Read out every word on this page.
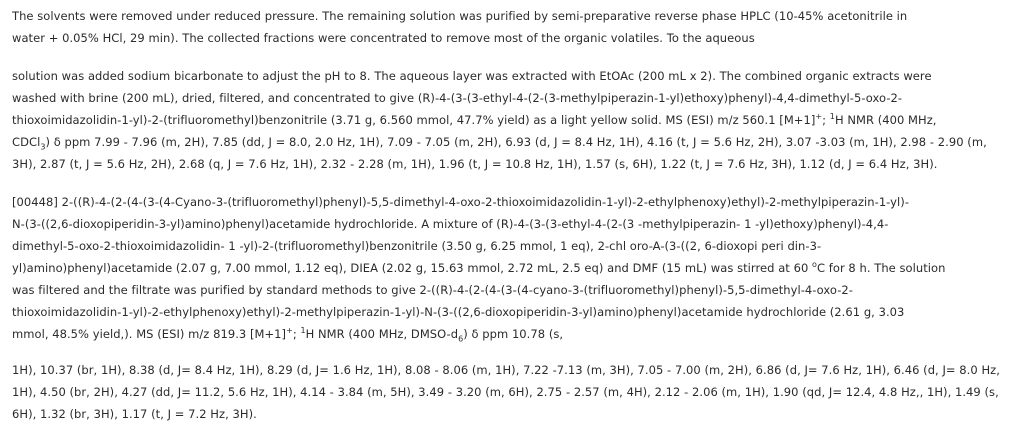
The solvents were removed under reduced pressure. The remaining solution was purified by semi-preparative reverse phase HPLC (10-45% acetonitrile in
water + 0.05% HCl, 29 min). The collected fractions were concentrated to remove most of the organic volatiles. To the aqueous
solution was added sodium bicarbonate to adjust the pH to 8. The aqueous layer was extracted with EtOAc (200 mL x 2). The combined organic extracts were
washed with brine (200 mL), dried, filtered, and concentrated to give (R)-4-(3-(3-ethyl-4-(2-(3-methylpiperazin-1-yl)ethoxy)phenyl)-4,4-dimethyl-5-oxo-2-
thioxoimidazolidin-1-yl)-2-(trifluoromethyl)benzonitrile (3.71 g, 6.560 mmol, 47.7% yield) as a light yellow solid. MS (ESI) m/z 560.1 [M+1]+; $^1$H NMR (400 MHz,
CDCl$_3$) δ ppm 7.99 - 7.96 (m, 2H), 7.85 (dd, J = 8.0, 2.0 Hz, 1H), 7.09 - 7.05 (m, 2H), 6.93 (d, J = 8.4 Hz, 1H), 4.16 (t, J = 5.6 Hz, 2H), 3.07 -3.03 (m, 1H), 2.98 - 2.90 (m,
3H), 2.87 (t, J = 5.6 Hz, 2H), 2.68 (q, J = 7.6 Hz, 1H), 2.32 - 2.28 (m, 1H), 1.96 (t, J = 10.8 Hz, 1H), 1.57 (s, 6H), 1.22 (t, J = 7.6 Hz, 3H), 1.12 (d, J = 6.4 Hz, 3H).
[00448] 2-((R)-4-(2-(4-(3-(4-Cyano-3-(trifluoromethyl)phenyl)-5,5-dimethyl-4-oxo-2-thioxoimidazolidin-1-yl)-2-ethylphenoxy)ethyl)-2-methylpiperazin-1-yl)-
N-(3-((2,6-dioxopiperidin-3-yl)amino)phenyl)acetamide hydrochloride. A mixture of (R)-4-(3-(3-ethyl-4-(2-(3 -methylpiperazin- 1 -yl)ethoxy)phenyl)-4,4-
dimethyl-5-oxo-2-thioxoimidazolidin- 1 -yl)-2-(trifluoromethyl)benzonitrile (3.50 g, 6.25 mmol, 1 eq), 2-chl oro-A-(3-((2, 6-dioxopi peri din-3-
yl)amino)phenyl)acetamide (2.07 g, 7.00 mmol, 1.12 eq), DIEA (2.02 g, 15.63 mmol, 2.72 mL, 2.5 eq) and DMF (15 mL) was stirred at 60 $^o$C for 8 h. The solution
was filtered and the filtrate was purified by standard methods to give 2-((R)-4-(2-(4-(3-(4-cyano-3-(trifluoromethyl)phenyl)-5,5-dimethyl-4-oxo-2-
thioxoimidazolidin-1-yl)-2-ethylphenoxy)ethyl)-2-methylpiperazin-1-yl)-N-(3-((2,6-dioxopiperidin-3-yl)amino)phenyl)acetamide hydrochloride (2.61 g, 3.03
mmol, 48.5% yield,). MS (ESI) m/z 819.3 [M+1]+; $^1$H NMR (400 MHz, DMSO-$d_6$) δ ppm 10.78 (s,
1H), 10.37 (br, 1H), 8.38 (d, J= 8.4 Hz, 1H), 8.29 (d, J= 1.6 Hz, 1H), 8.08 - 8.06 (m, 1H), 7.22 -7.13 (m, 3H), 7.05 - 7.00 (m, 2H), 6.86 (d, J= 7.6 Hz, 1H), 6.46 (d, J= 8.0 Hz,
1H), 4.50 (br, 2H), 4.27 (dd, J= 11.2, 5.6 Hz, 1H), 4.14 - 3.84 (m, 5H), 3.49 - 3.20 (m, 6H), 2.75 - 2.57 (m, 4H), 2.12 - 2.06 (m, 1H), 1.90 (qd, J= 12.4, 4.8 Hz,, 1H), 1.49 (s,
6H), 1.32 (br, 3H), 1.17 (t, J = 7.2 Hz, 3H).
